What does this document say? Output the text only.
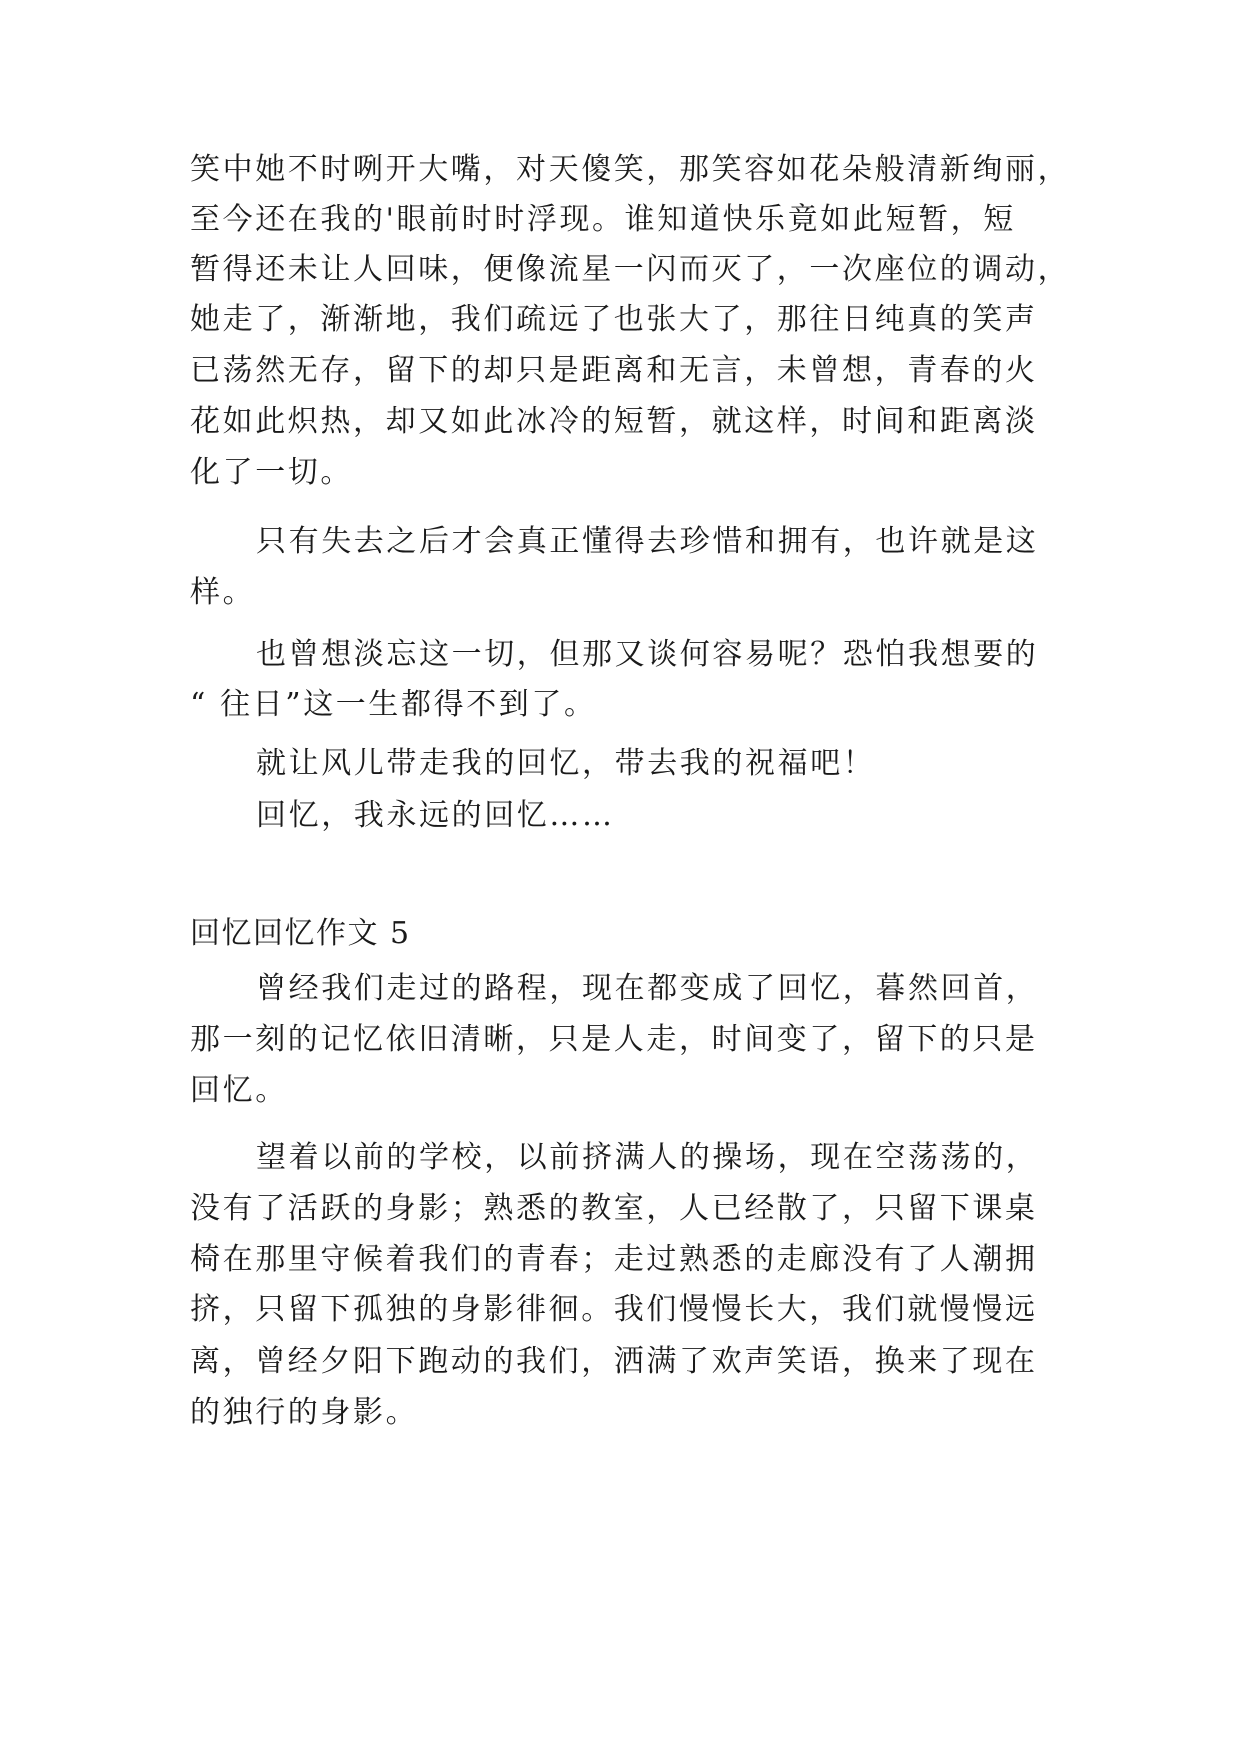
笑中她不时咧开大嘴，对天傻笑，那笑容如花朵般清新绚丽，
至今还在我的'眼前时时浮现。谁知道快乐竟如此短暂，短
暂得还未让人回味，便像流星一闪而灭了，一次座位的调动，
她走了，渐渐地，我们疏远了也张大了，那往日纯真的笑声
已荡然无存，留下的却只是距离和无言，未曾想，青春的火
花如此炽热，却又如此冰冷的短暂，就这样，时间和距离淡
化了一切。
只有失去之后才会真正懂得去珍惜和拥有，也许就是这
样。
也曾想淡忘这一切，但那又谈何容易呢？恐怕我想要的
“ 往日”这一生都得不到了。
就让风儿带走我的回忆，带去我的祝福吧！
回忆，我永远的回忆……
回忆回忆作文 5
曾经我们走过的路程，现在都变成了回忆，暮然回首，
那一刻的记忆依旧清晰，只是人走，时间变了，留下的只是
回忆。
望着以前的学校，以前挤满人的操场，现在空荡荡的，
没有了活跃的身影；熟悉的教室，人已经散了，只留下课桌
椅在那里守候着我们的青春；走过熟悉的走廊没有了人潮拥
挤，只留下孤独的身影徘徊。我们慢慢长大，我们就慢慢远
离，曾经夕阳下跑动的我们，洒满了欢声笑语，换来了现在
的独行的身影。
